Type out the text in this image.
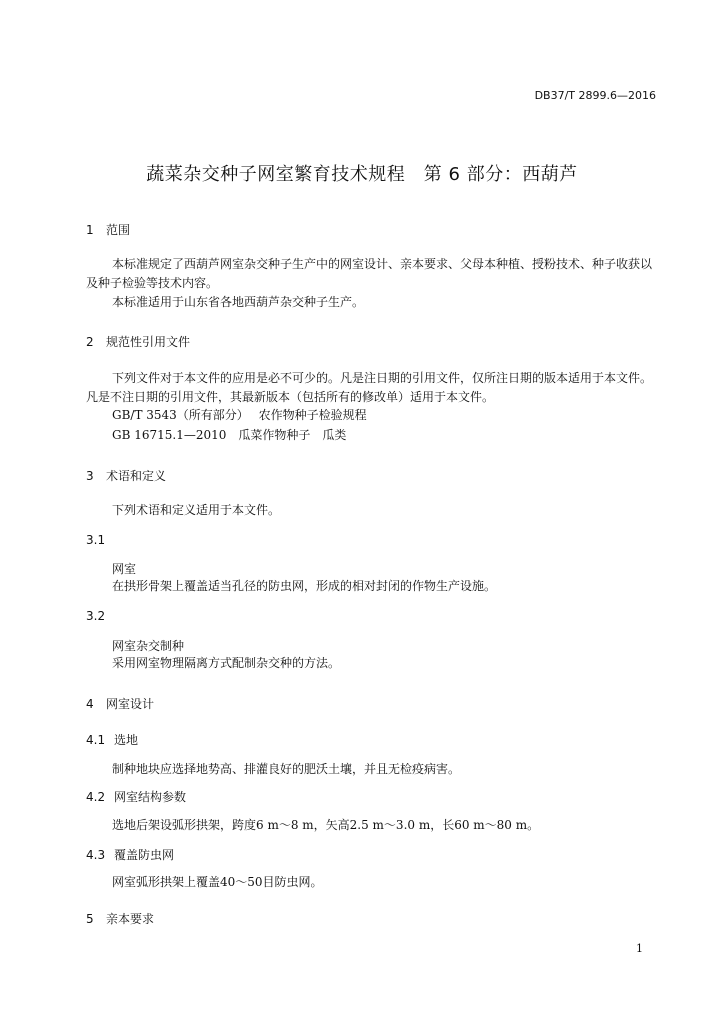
DB37/T 2899.6—2016
蔬菜杂交种子网室繁育技术规程　第 6 部分：西葫芦
1 范围
本标准规定了西葫芦网室杂交种子生产中的网室设计、亲本要求、父母本种植、授粉技术、种子收获以及种子检验等技术内容。
本标准适用于山东省各地西葫芦杂交种子生产。
2 规范性引用文件
下列文件对于本文件的应用是必不可少的。凡是注日期的引用文件，仅所注日期的版本适用于本文件。凡是不注日期的引用文件，其最新版本（包括所有的修改单）适用于本文件。
GB/T 3543（所有部分）　 农作物种子检验规程
GB 16715.1—2010　瓜菜作物种子　瓜类
3 术语和定义
下列术语和定义适用于本文件。
3.1
网室
在拱形骨架上覆盖适当孔径的防虫网，形成的相对封闭的作物生产设施。
3.2
网室杂交制种
采用网室物理隔离方式配制杂交种的方法。
4 网室设计
4.1 选地
制种地块应选择地势高、排灌良好的肥沃土壤，并且无检疫病害。
4.2 网室结构参数
选地后架设弧形拱架，跨度6 m～8 m，矢高2.5 m～3.0 m，长60 m～80 m。
4.3 覆盖防虫网
网室弧形拱架上覆盖40～50目防虫网。
5 亲本要求
1
